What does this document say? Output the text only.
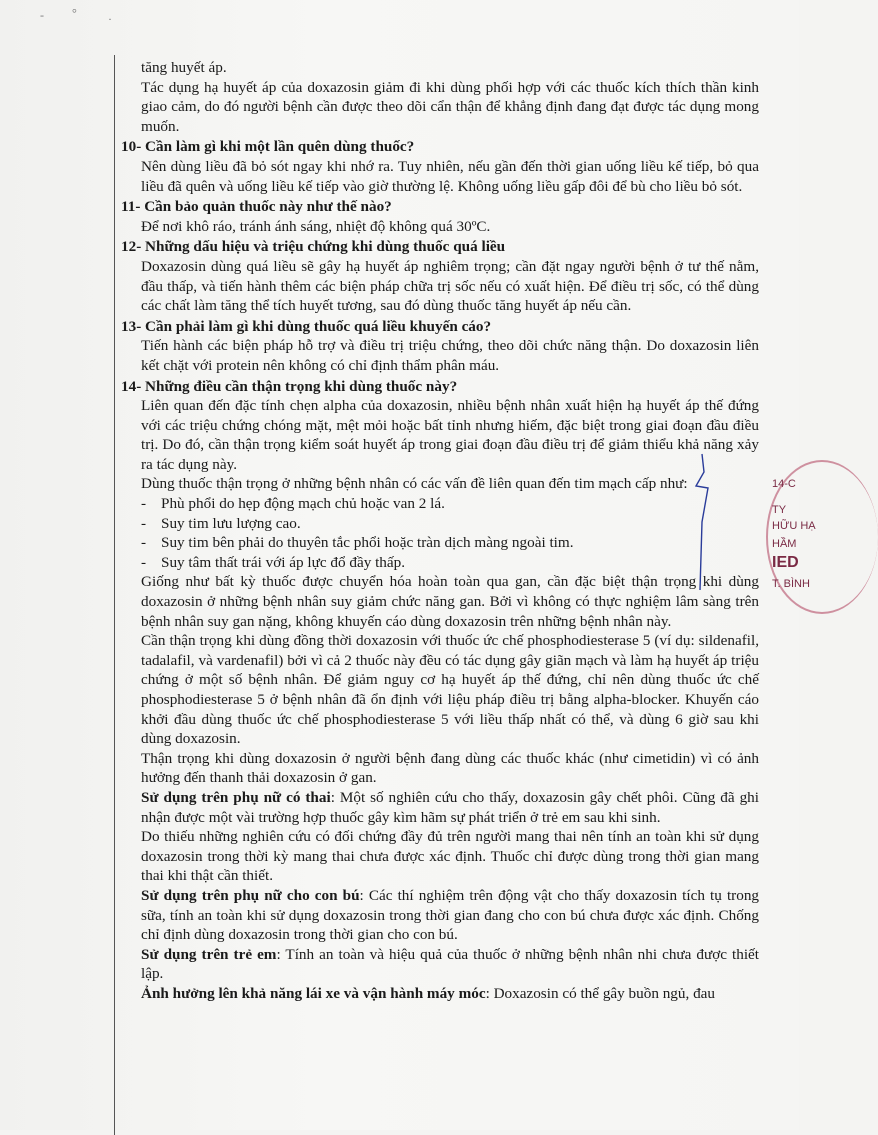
- °	·
tăng huyết áp.
Tác dụng hạ huyết áp của doxazosin giảm đi khi dùng phối hợp với các thuốc kích thích thần kinh giao cảm, do đó người bệnh cần được theo dõi cẩn thận để khẳng định đang đạt được tác dụng mong muốn.
10- Cần làm gì khi một lần quên dùng thuốc?
Nên dùng liều đã bỏ sót ngay khi nhớ ra. Tuy nhiên, nếu gần đến thời gian uống liều kế tiếp, bỏ qua liều đã quên và uống liều kế tiếp vào giờ thường lệ. Không uống liều gấp đôi để bù cho liều bỏ sót.
11- Cần bảo quản thuốc này như thế nào?
Để nơi khô ráo, tránh ánh sáng, nhiệt độ không quá 30ºC.
12- Những dấu hiệu và triệu chứng khi dùng thuốc quá liều
Doxazosin dùng quá liều sẽ gây hạ huyết áp nghiêm trọng; cần đặt ngay người bệnh ở tư thế nằm, đầu thấp, và tiến hành thêm các biện pháp chữa trị sốc nếu có xuất hiện. Để điều trị sốc, có thể dùng các chất làm tăng thể tích huyết tương, sau đó dùng thuốc tăng huyết áp nếu cần.
13- Cần phải làm gì khi dùng thuốc quá liều khuyến cáo?
Tiến hành các biện pháp hỗ trợ và điều trị triệu chứng, theo dõi chức năng thận. Do doxazosin liên kết chặt với protein nên không có chỉ định thẩm phân máu.
14- Những điều cần thận trọng khi dùng thuốc này?
Liên quan đến đặc tính chẹn alpha của doxazosin, nhiều bệnh nhân xuất hiện hạ huyết áp thế đứng với các triệu chứng chóng mặt, mệt mỏi hoặc bất tỉnh nhưng hiếm, đặc biệt trong giai đoạn đầu điều trị. Do đó, cần thận trọng kiểm soát huyết áp trong giai đoạn đầu điều trị để giảm thiểu khả năng xảy ra tác dụng này.
Dùng thuốc thận trọng ở những bệnh nhân có các vấn đề liên quan đến tim mạch cấp như:
- Phù phổi do hẹp động mạch chủ hoặc van 2 lá.
- Suy tim lưu lượng cao.
- Suy tim bên phải do thuyên tắc phổi hoặc tràn dịch màng ngoài tim.
- Suy tâm thất trái với áp lực đổ đầy thấp.
Giống như bất kỳ thuốc được chuyển hóa hoàn toàn qua gan, cần đặc biệt thận trọng khi dùng doxazosin ở những bệnh nhân suy giảm chức năng gan. Bởi vì không có thực nghiệm lâm sàng trên bệnh nhân suy gan nặng, không khuyến cáo dùng doxazosin trên những bệnh nhân này.
Cần thận trọng khi dùng đồng thời doxazosin với thuốc ức chế phosphodiesterase 5 (ví dụ: sildenafil, tadalafil, và vardenafil) bởi vì cả 2 thuốc này đều có tác dụng gây giãn mạch và làm hạ huyết áp triệu chứng ở một số bệnh nhân. Để giảm nguy cơ hạ huyết áp thế đứng, chỉ nên dùng thuốc ức chế phosphodiesterase 5 ở bệnh nhân đã ổn định với liệu pháp điều trị bằng alpha-blocker. Khuyến cáo khởi đầu dùng thuốc ức chế phosphodiesterase 5 với liều thấp nhất có thể, và dùng 6 giờ sau khi dùng doxazosin.
Thận trọng khi dùng doxazosin ở người bệnh đang dùng các thuốc khác (như cimetidin) vì có ảnh hưởng đến thanh thải doxazosin ở gan.
Sử dụng trên phụ nữ có thai: Một số nghiên cứu cho thấy, doxazosin gây chết phôi. Cũng đã ghi nhận được một vài trường hợp thuốc gây kìm hãm sự phát triển ở trẻ em sau khi sinh.
Do thiếu những nghiên cứu có đối chứng đầy đủ trên người mang thai nên tính an toàn khi sử dụng doxazosin trong thời kỳ mang thai chưa được xác định. Thuốc chỉ được dùng trong thời gian mang thai khi thật cần thiết.
Sử dụng trên phụ nữ cho con bú: Các thí nghiệm trên động vật cho thấy doxazosin tích tụ trong sữa, tính an toàn khi sử dụng doxazosin trong thời gian đang cho con bú chưa được xác định. Chống chỉ định dùng doxazosin trong thời gian cho con bú.
Sử dụng trên trẻ em: Tính an toàn và hiệu quả của thuốc ở những bệnh nhân nhi chưa được thiết lập.
Ảnh hưởng lên khả năng lái xe và vận hành máy móc: Doxazosin có thể gây buồn ngủ, đau
14-C
TY
HỮU HẠ
HẦM
IED
T. BÌNH
